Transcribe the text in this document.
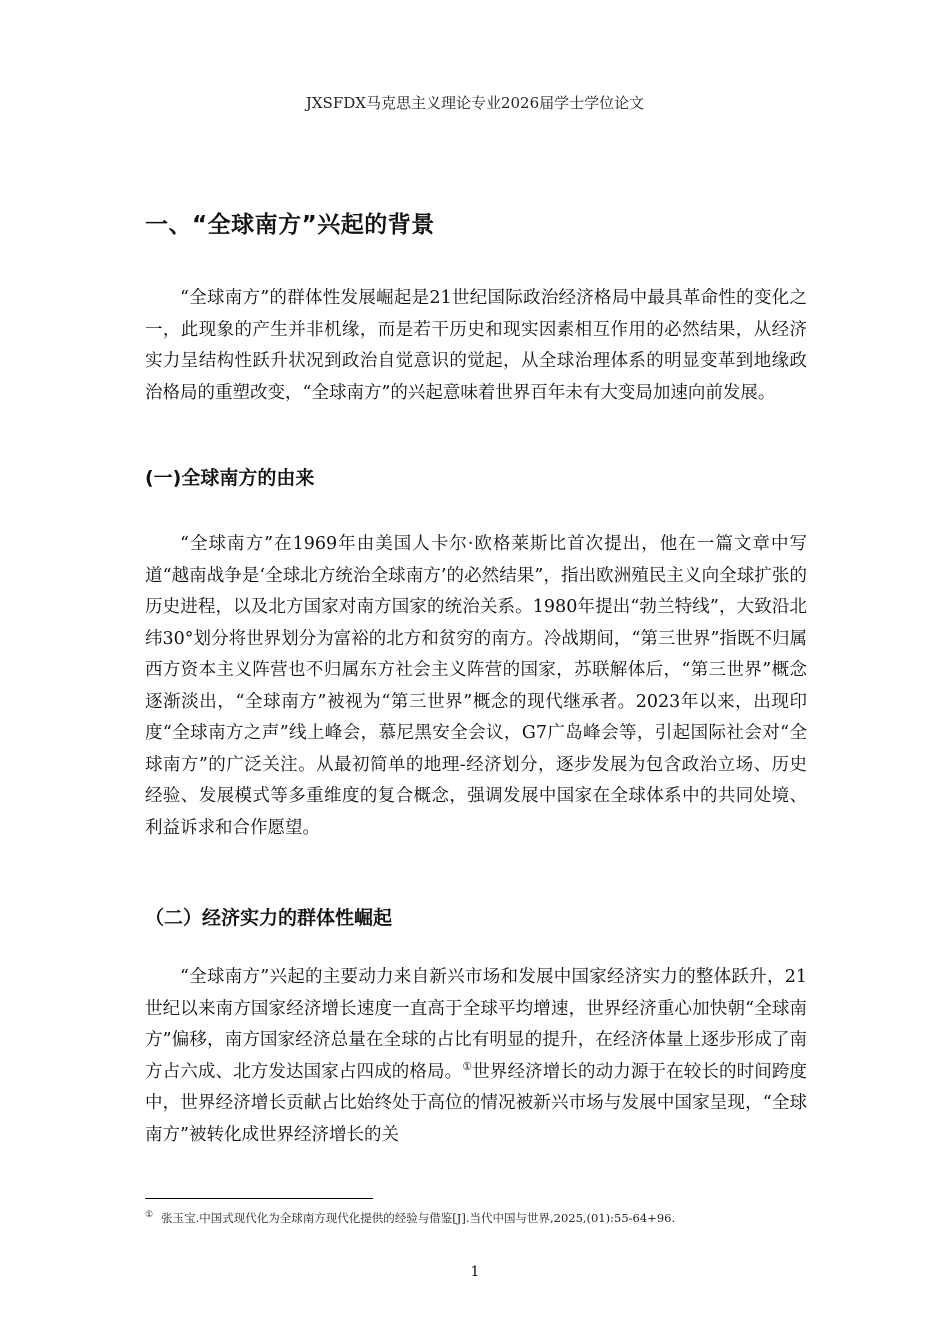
JXSFDX马克思主义理论专业2026届学士学位论文
一、“全球南方”兴起的背景

“全球南方”的群体性发展崛起是21世纪国际政治经济格局中最具革命性的变化之一，此现象的产生并非机缘，而是若干历史和现实因素相互作用的必然结果，从经济实力呈结构性跃升状况到政治自觉意识的觉起，从全球治理体系的明显变革到地缘政治格局的重塑改变，“全球南方”的兴起意味着世界百年未有大变局加速向前发展。

(一)全球南方的由来

“全球南方”在1969年由美国人卡尔·欧格莱斯比首次提出，他在一篇文章中写道“越南战争是‘全球北方统治全球南方’的必然结果”，指出欧洲殖民主义向全球扩张的历史进程，以及北方国家对南方国家的统治关系。1980年提出“勃兰特线”，大致沿北纬30°划分将世界划分为富裕的北方和贫穷的南方。冷战期间，“第三世界”指既不归属西方资本主义阵营也不归属东方社会主义阵营的国家，苏联解体后，“第三世界”概念逐渐淡出，“全球南方”被视为“第三世界”概念的现代继承者。2023年以来，出现印度“全球南方之声”线上峰会，慕尼黑安全会议，G7广岛峰会等，引起国际社会对“全球南方”的广泛关注。从最初简单的地理-经济划分，逐步发展为包含政治立场、历史经验、发展模式等多重维度的复合概念，强调发展中国家在全球体系中的共同处境、利益诉求和合作愿望。

（二）经济实力的群体性崛起

“全球南方”兴起的主要动力来自新兴市场和发展中国家经济实力的整体跃升，21世纪以来南方国家经济增长速度一直高于全球平均增速，世界经济重心加快朝“全球南方”偏移，南方国家经济总量在全球的占比有明显的提升，在经济体量上逐步形成了南方占六成、北方发达国家占四成的格局。①世界经济增长的动力源于在较长的时间跨度中，世界经济增长贡献占比始终处于高位的情况被新兴市场与发展中国家呈现，“全球南方”被转化成世界经济增长的关

① 张玉宝.中国式现代化为全球南方现代化提供的经验与借鉴[J].当代中国与世界,2025,(01):55-64+96.
1
